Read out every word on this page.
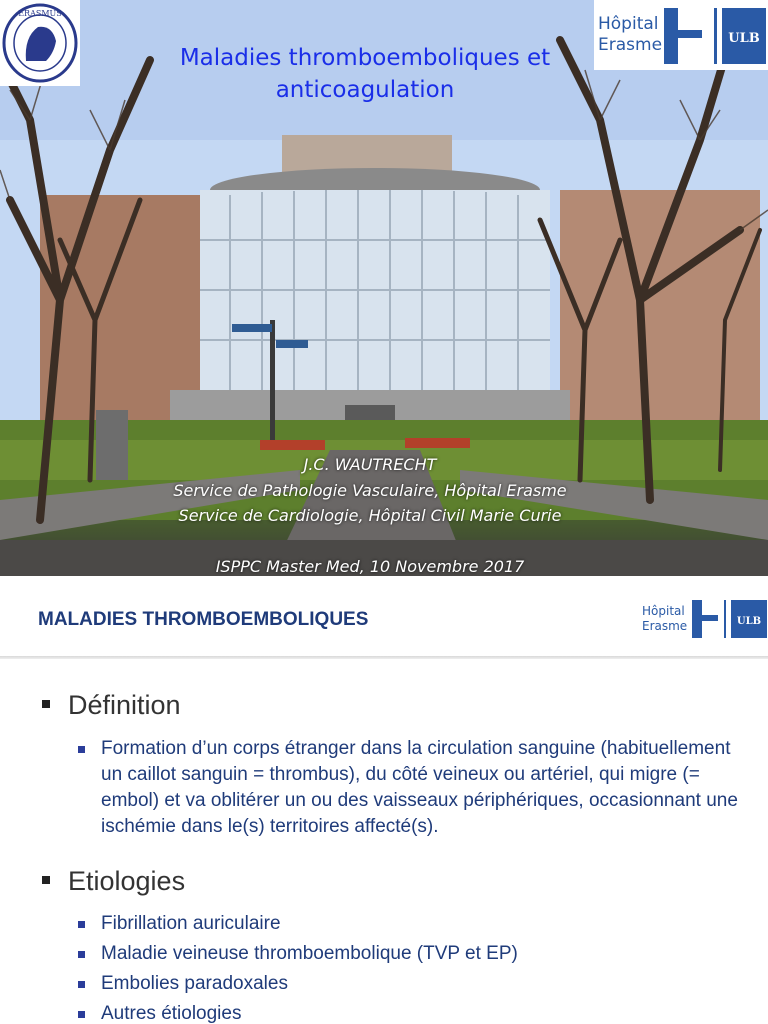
ERASMUS
Hôpital
Erasme	ULB
Maladies thromboemboliques et
anticoagulation
J.C. WAUTRECHT
Service de Pathologie Vasculaire, Hôpital Erasme
Service de Cardiologie, Hôpital Civil Marie Curie
ISPPC Master Med, 10 Novembre 2017
MALADIES THROMBOEMBOLIQUES	Hôpital
Erasme	ULB
Définition
Formation d’un corps étranger dans la circulation sanguine (habituellement un caillot sanguin = thrombus), du côté veineux ou artériel, qui migre (= embol) et va oblitérer un ou des vaisseaux périphériques, occasionnant une ischémie dans le(s) territoires affecté(s).
Etiologies
Fibrillation auriculaire
Maladie veineuse thromboembolique (TVP et EP)
Embolies paradoxales
Autres étiologies
